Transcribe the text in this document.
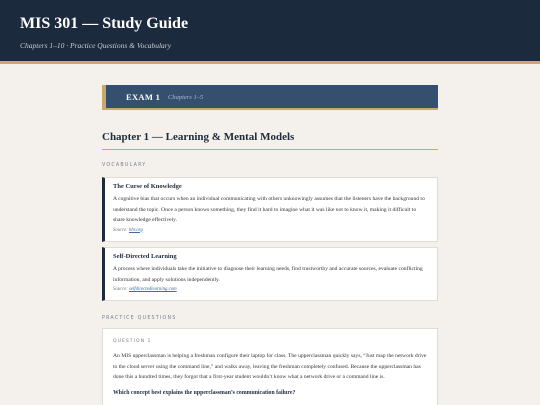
MIS 301 — Study Guide
Chapters 1–10 · Practice Questions & Vocabulary
EXAM 1 Chapters 1–5
Chapter 1 — Learning & Mental Models
VOCABULARY
The Curse of Knowledge
A cognitive bias that occurs when an individual communicating with others unknowingly assumes that the listeners have the background to understand the topic. Once a person knows something, they find it hard to imagine what it was like not to know it, making it difficult to share knowledge effectively.
Source: hbr.org
Self-Directed Learning
A process where individuals take the initiative to diagnose their learning needs, find trustworthy and accurate sources, evaluate conflicting information, and apply solutions independently.
Source: selfdirectedlearning.com
PRACTICE QUESTIONS
QUESTION 1
An MIS upperclassman is helping a freshman configure their laptop for class. The upperclassman quickly says, “Just map the network drive to the cloud server using the command line,” and walks away, leaving the freshman completely confused. Because the upperclassman has done this a hundred times, they forgot that a first-year student wouldn’t know what a network drive or a command line is.
Which concept best explains the upperclassman’s communication failure?
